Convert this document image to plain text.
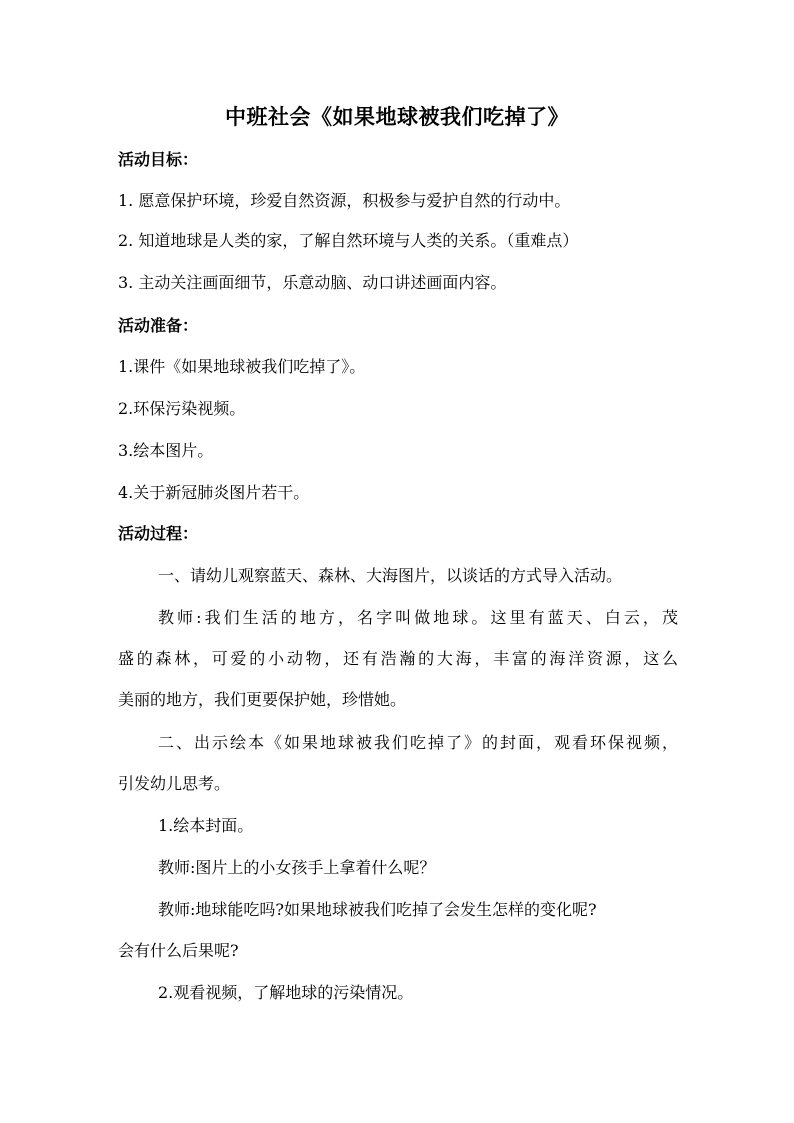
中班社会《如果地球被我们吃掉了》
活动目标：
1. 愿意保护环境，珍爱自然资源，积极参与爱护自然的行动中。
2. 知道地球是人类的家，了解自然环境与人类的关系。（重难点）
3. 主动关注画面细节，乐意动脑、动口讲述画面内容。
活动准备：
1.课件《如果地球被我们吃掉了》。
2.环保污染视频。
3.绘本图片。
4.关于新冠肺炎图片若干。
活动过程：
一、请幼儿观察蓝天、森林、大海图片，以谈话的方式导入活动。
教师:我们生活的地方，名字叫做地球。这里有蓝天、白云，茂
盛的森林，可爱的小动物，还有浩瀚的大海，丰富的海洋资源，这么
美丽的地方，我们更要保护她，珍惜她。
二、出示绘本《如果地球被我们吃掉了》的封面，观看环保视频，
引发幼儿思考。
1.绘本封面。
教师:图片上的小女孩手上拿着什么呢？
教师:地球能吃吗?如果地球被我们吃掉了会发生怎样的变化呢?
会有什么后果呢?
2.观看视频，了解地球的污染情况。
